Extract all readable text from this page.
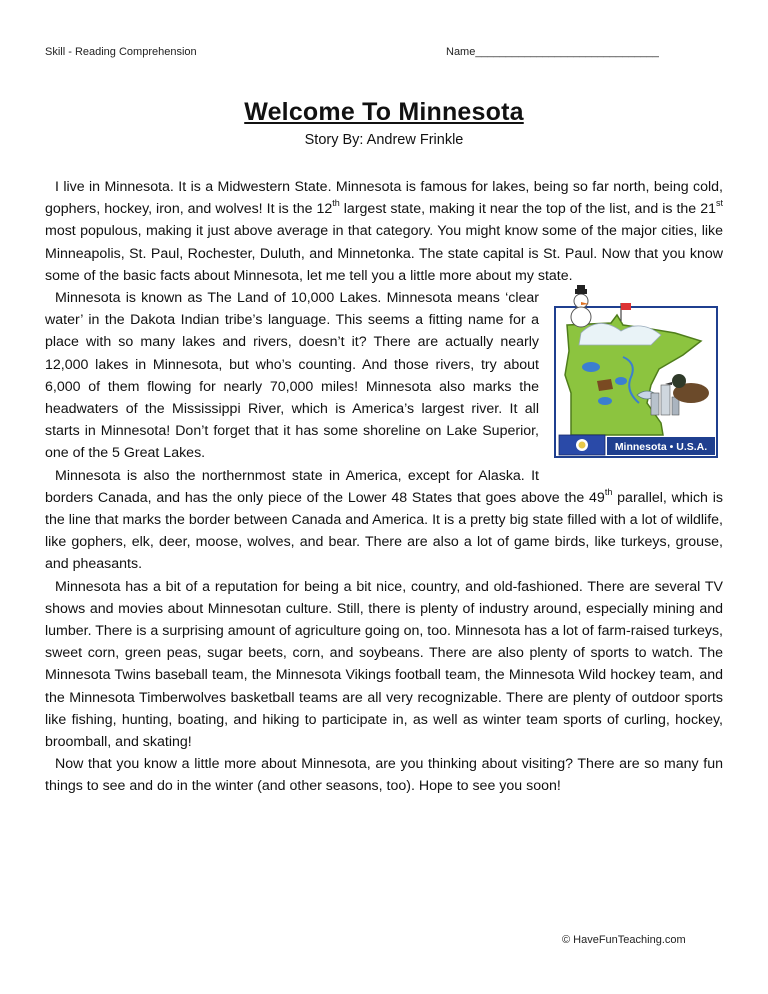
Skill - Reading Comprehension	Name______________________________
Welcome To Minnesota
Story By: Andrew Frinkle

I live in Minnesota. It is a Midwestern State. Minnesota is famous for lakes, being so far north, being cold, gophers, hockey, iron, and wolves! It is the 12th largest state, making it near the top of the list, and is the 21st most populous, making it just above average in that category. You might know some of the major cities, like Minneapolis, St. Paul, Rochester, Duluth, and Minnetonka. The state capital is St. Paul. Now that you know some of the basic facts about Minnesota, let me tell you a little more about my state.

Minnesota • U.S.A.

Minnesota is known as The Land of 10,000 Lakes. Minnesota means ‘clear water’ in the Dakota Indian tribe’s language. This seems a fitting name for a place with so many lakes and rivers, doesn’t it? There are actually nearly 12,000 lakes in Minnesota, but who’s counting. And those rivers, try about 6,000 of them flowing for nearly 70,000 miles! Minnesota also marks the headwaters of the Mississippi River, which is America’s largest river. It all starts in Minnesota! Don’t forget that it has some shoreline on Lake Superior, one of the 5 Great Lakes.

Minnesota is also the northernmost state in America, except for Alaska. It borders Canada, and has the only piece of the Lower 48 States that goes above the 49th parallel, which is the line that marks the border between Canada and America. It is a pretty big state filled with a lot of wildlife, like gophers, elk, deer, moose, wolves, and bear. There are also a lot of game birds, like turkeys, grouse, and pheasants.

Minnesota has a bit of a reputation for being a bit nice, country, and old-fashioned. There are several TV shows and movies about Minnesotan culture. Still, there is plenty of industry around, especially mining and lumber. There is a surprising amount of agriculture going on, too. Minnesota has a lot of farm-raised turkeys, sweet corn, green peas, sugar beets, corn, and soybeans. There are also plenty of sports to watch. The Minnesota Twins baseball team, the Minnesota Vikings football team, the Minnesota Wild hockey team, and the Minnesota Timberwolves basketball teams are all very recognizable. There are plenty of outdoor sports like fishing, hunting, boating, and hiking to participate in, as well as winter team sports of curling, hockey, broomball, and skating!

Now that you know a little more about Minnesota, are you thinking about visiting? There are so many fun things to see and do in the winter (and other seasons, too). Hope to see you soon!

© HaveFunTeaching.com
